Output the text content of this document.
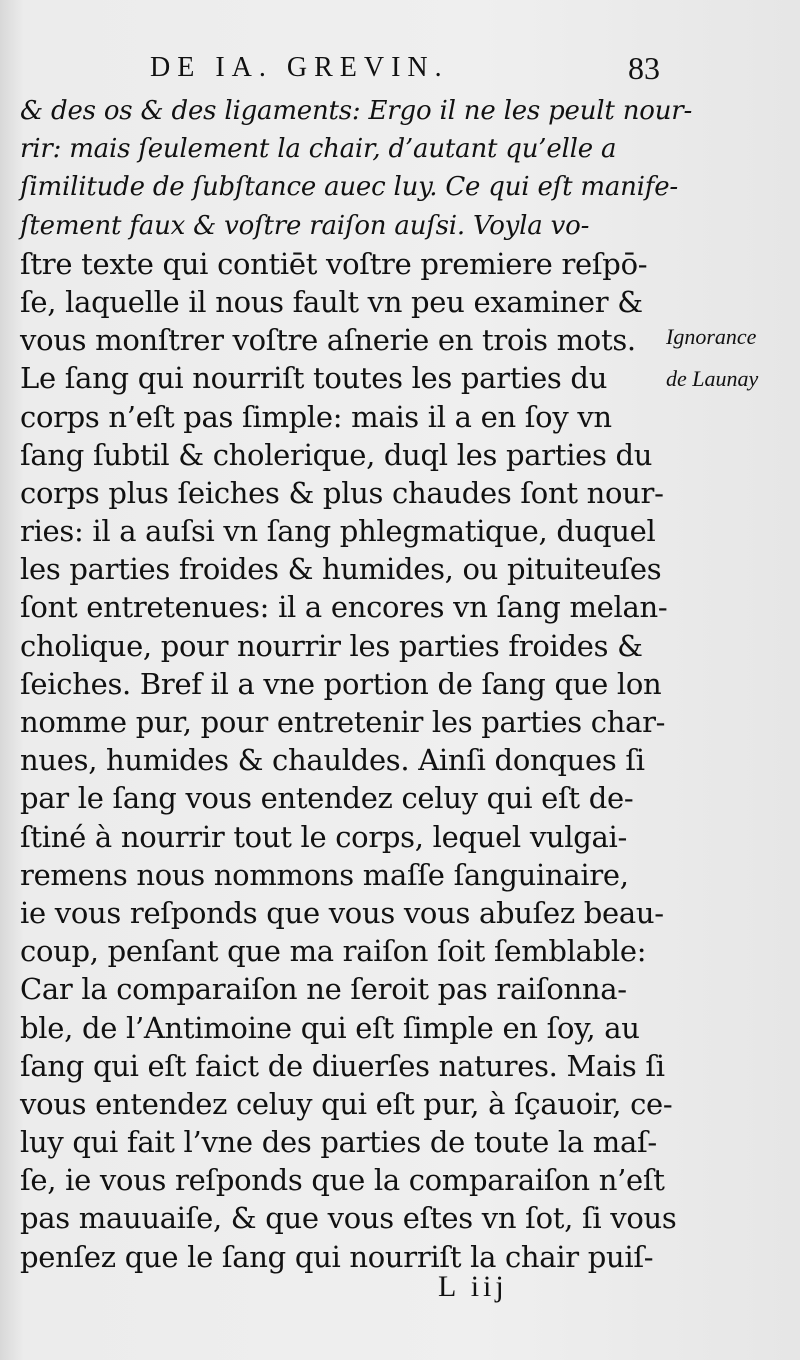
DE IA. GREVIN.	83
& des os & des ligaments: Ergo il ne les peult nour-
rir: mais ſeulement la chair, d’autant qu’elle a
ſimilitude de ſubſtance auec luy. Ce qui eſt manife-
ſtement faux & voſtre raiſon auſsi. Voyla vo-
ſtre texte qui contiēt voſtre premiere reſpō-
ſe, laquelle il nous fault vn peu examiner &
vous monſtrer voſtre aſnerie en trois mots.
Le ſang qui nourriſt toutes les parties du
corps n’eſt pas ſimple: mais il a en ſoy vn
ſang ſubtil & cholerique, duql les parties du
corps plus ſeiches & plus chaudes ſont nour-
ries: il a auſsi vn ſang phlegmatique, duquel
les parties froides & humides, ou pituiteuſes
ſont entretenues: il a encores vn ſang melan-
cholique, pour nourrir les parties froides &
ſeiches. Bref il a vne portion de ſang que lon
nomme pur, pour entretenir les parties char-
nues, humides & chauldes. Ainſi donques ſi
par le ſang vous entendez celuy qui eſt de-
ſtiné à nourrir tout le corps, lequel vulgai-
remens nous nommons maſſe ſanguinaire,
ie vous reſponds que vous vous abuſez beau-
coup, penſant que ma raiſon ſoit ſemblable:
Car la comparaiſon ne ſeroit pas raiſonna-
ble, de l’Antimoine qui eſt ſimple en ſoy, au
ſang qui eſt faict de diuerſes natures. Mais ſi
vous entendez celuy qui eſt pur, à ſçauoir, ce-
luy qui fait l’vne des parties de toute la maſ-
ſe, ie vous reſponds que la comparaiſon n’eſt
pas mauuaiſe, & que vous eſtes vn ſot, ſi vous
penſez que le ſang qui nourriſt la chair puiſ-
Ignorance
de Launay
L iij
